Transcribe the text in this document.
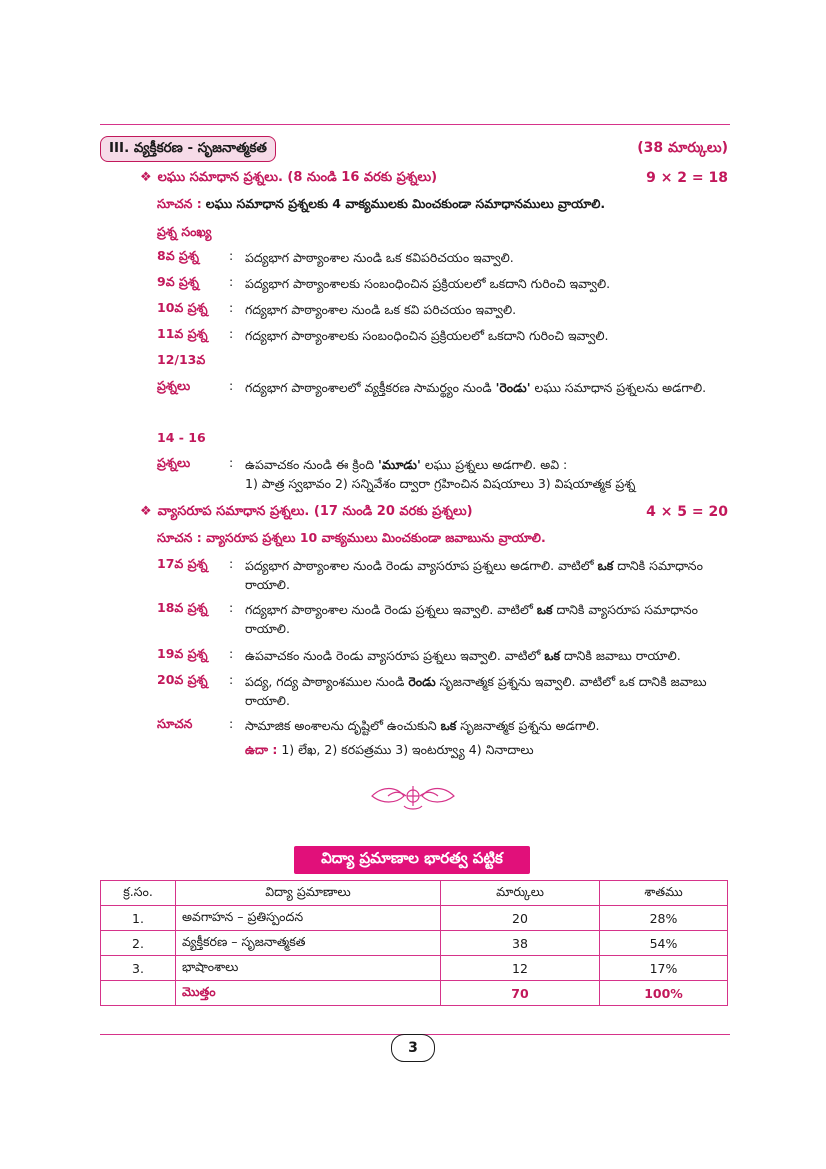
III. వ్యక్తీకరణ - సృజనాత్మకత	(38 మార్కులు)
❖ లఘు సమాధాన ప్రశ్నలు. (8 నుండి 16 వరకు ప్రశ్నలు)	9 × 2 = 18
సూచన : లఘు సమాధాన ప్రశ్నలకు 4 వాక్యములకు మించకుండా సమాధానములు వ్రాయాలి.
ప్రశ్న సంఖ్య
8వ ప్రశ్న	: పద్యభాగ పాఠ్యాంశాల నుండి ఒక కవిపరిచయం ఇవ్వాలి.
9వ ప్రశ్న	: పద్యభాగ పాఠ్యాంశాలకు సంబంధించిన ప్రక్రియలలో ఒకదాని గురించి ఇవ్వాలి.
10వ ప్రశ్న	: గద్యభాగ పాఠ్యాంశాల నుండి ఒక కవి పరిచయం ఇవ్వాలి.
11వ ప్రశ్న	: గద్యభాగ పాఠ్యాంశాలకు సంబంధించిన ప్రక్రియలలో ఒకదాని గురించి ఇవ్వాలి.
12/13వ
ప్రశ్నలు	: గద్యభాగ పాఠ్యాంశాలలో వ్యక్తీకరణ సామర్థ్యం నుండి 'రెండు' లఘు సమాధాన ప్రశ్నలను అడగాలి.
14 - 16
ప్రశ్నలు	: ఉపవాచకం నుండి ఈ క్రింది 'మూడు' లఘు ప్రశ్నలు అడగాలి. అవి :
1) పాత్ర స్వభావం 2) సన్నివేశం ద్వారా గ్రహించిన విషయాలు 3) విషయాత్మక ప్రశ్న
❖ వ్యాసరూప సమాధాన ప్రశ్నలు. (17 నుండి 20 వరకు ప్రశ్నలు)	4 × 5 = 20
సూచన : వ్యాసరూప ప్రశ్నలు 10 వాక్యములు మించకుండా జవాబును వ్రాయాలి.
17వ ప్రశ్న	: పద్యభాగ పాఠ్యాంశాల నుండి రెండు వ్యాసరూప ప్రశ్నలు అడగాలి. వాటిలో ఒక దానికి సమాధానం రాయాలి.
18వ ప్రశ్న	: గద్యభాగ పాఠ్యాంశాల నుండి రెండు ప్రశ్నలు ఇవ్వాలి. వాటిలో ఒక దానికి వ్యాసరూప సమాధానం రాయాలి.
19వ ప్రశ్న	: ఉపవాచకం నుండి రెండు వ్యాసరూప ప్రశ్నలు ఇవ్వాలి. వాటిలో ఒక దానికి జవాబు రాయాలి.
20వ ప్రశ్న	: పద్య, గద్య పాఠ్యాంశముల నుండి రెండు సృజనాత్మక ప్రశ్నను ఇవ్వాలి. వాటిలో ఒక దానికి జవాబు రాయాలి.
సూచన	: సామాజిక అంశాలను దృష్టిలో ఉంచుకుని ఒక సృజనాత్మక ప్రశ్నను అడగాలి.
ఉదా : 1) లేఖ, 2) కరపత్రము 3) ఇంటర్వ్యూ 4) నినాదాలు
విద్యా ప్రమాణాల భారత్వ పట్టిక
క్ర.సం.	విద్యా ప్రమాణాలు	మార్కులు	శాతము
1.	అవగాహన – ప్రతిస్పందన	20	28%
2.	వ్యక్తీకరణ – సృజనాత్మకత	38	54%
3.	భాషాంశాలు	12	17%
	మొత్తం	70	100%
3
